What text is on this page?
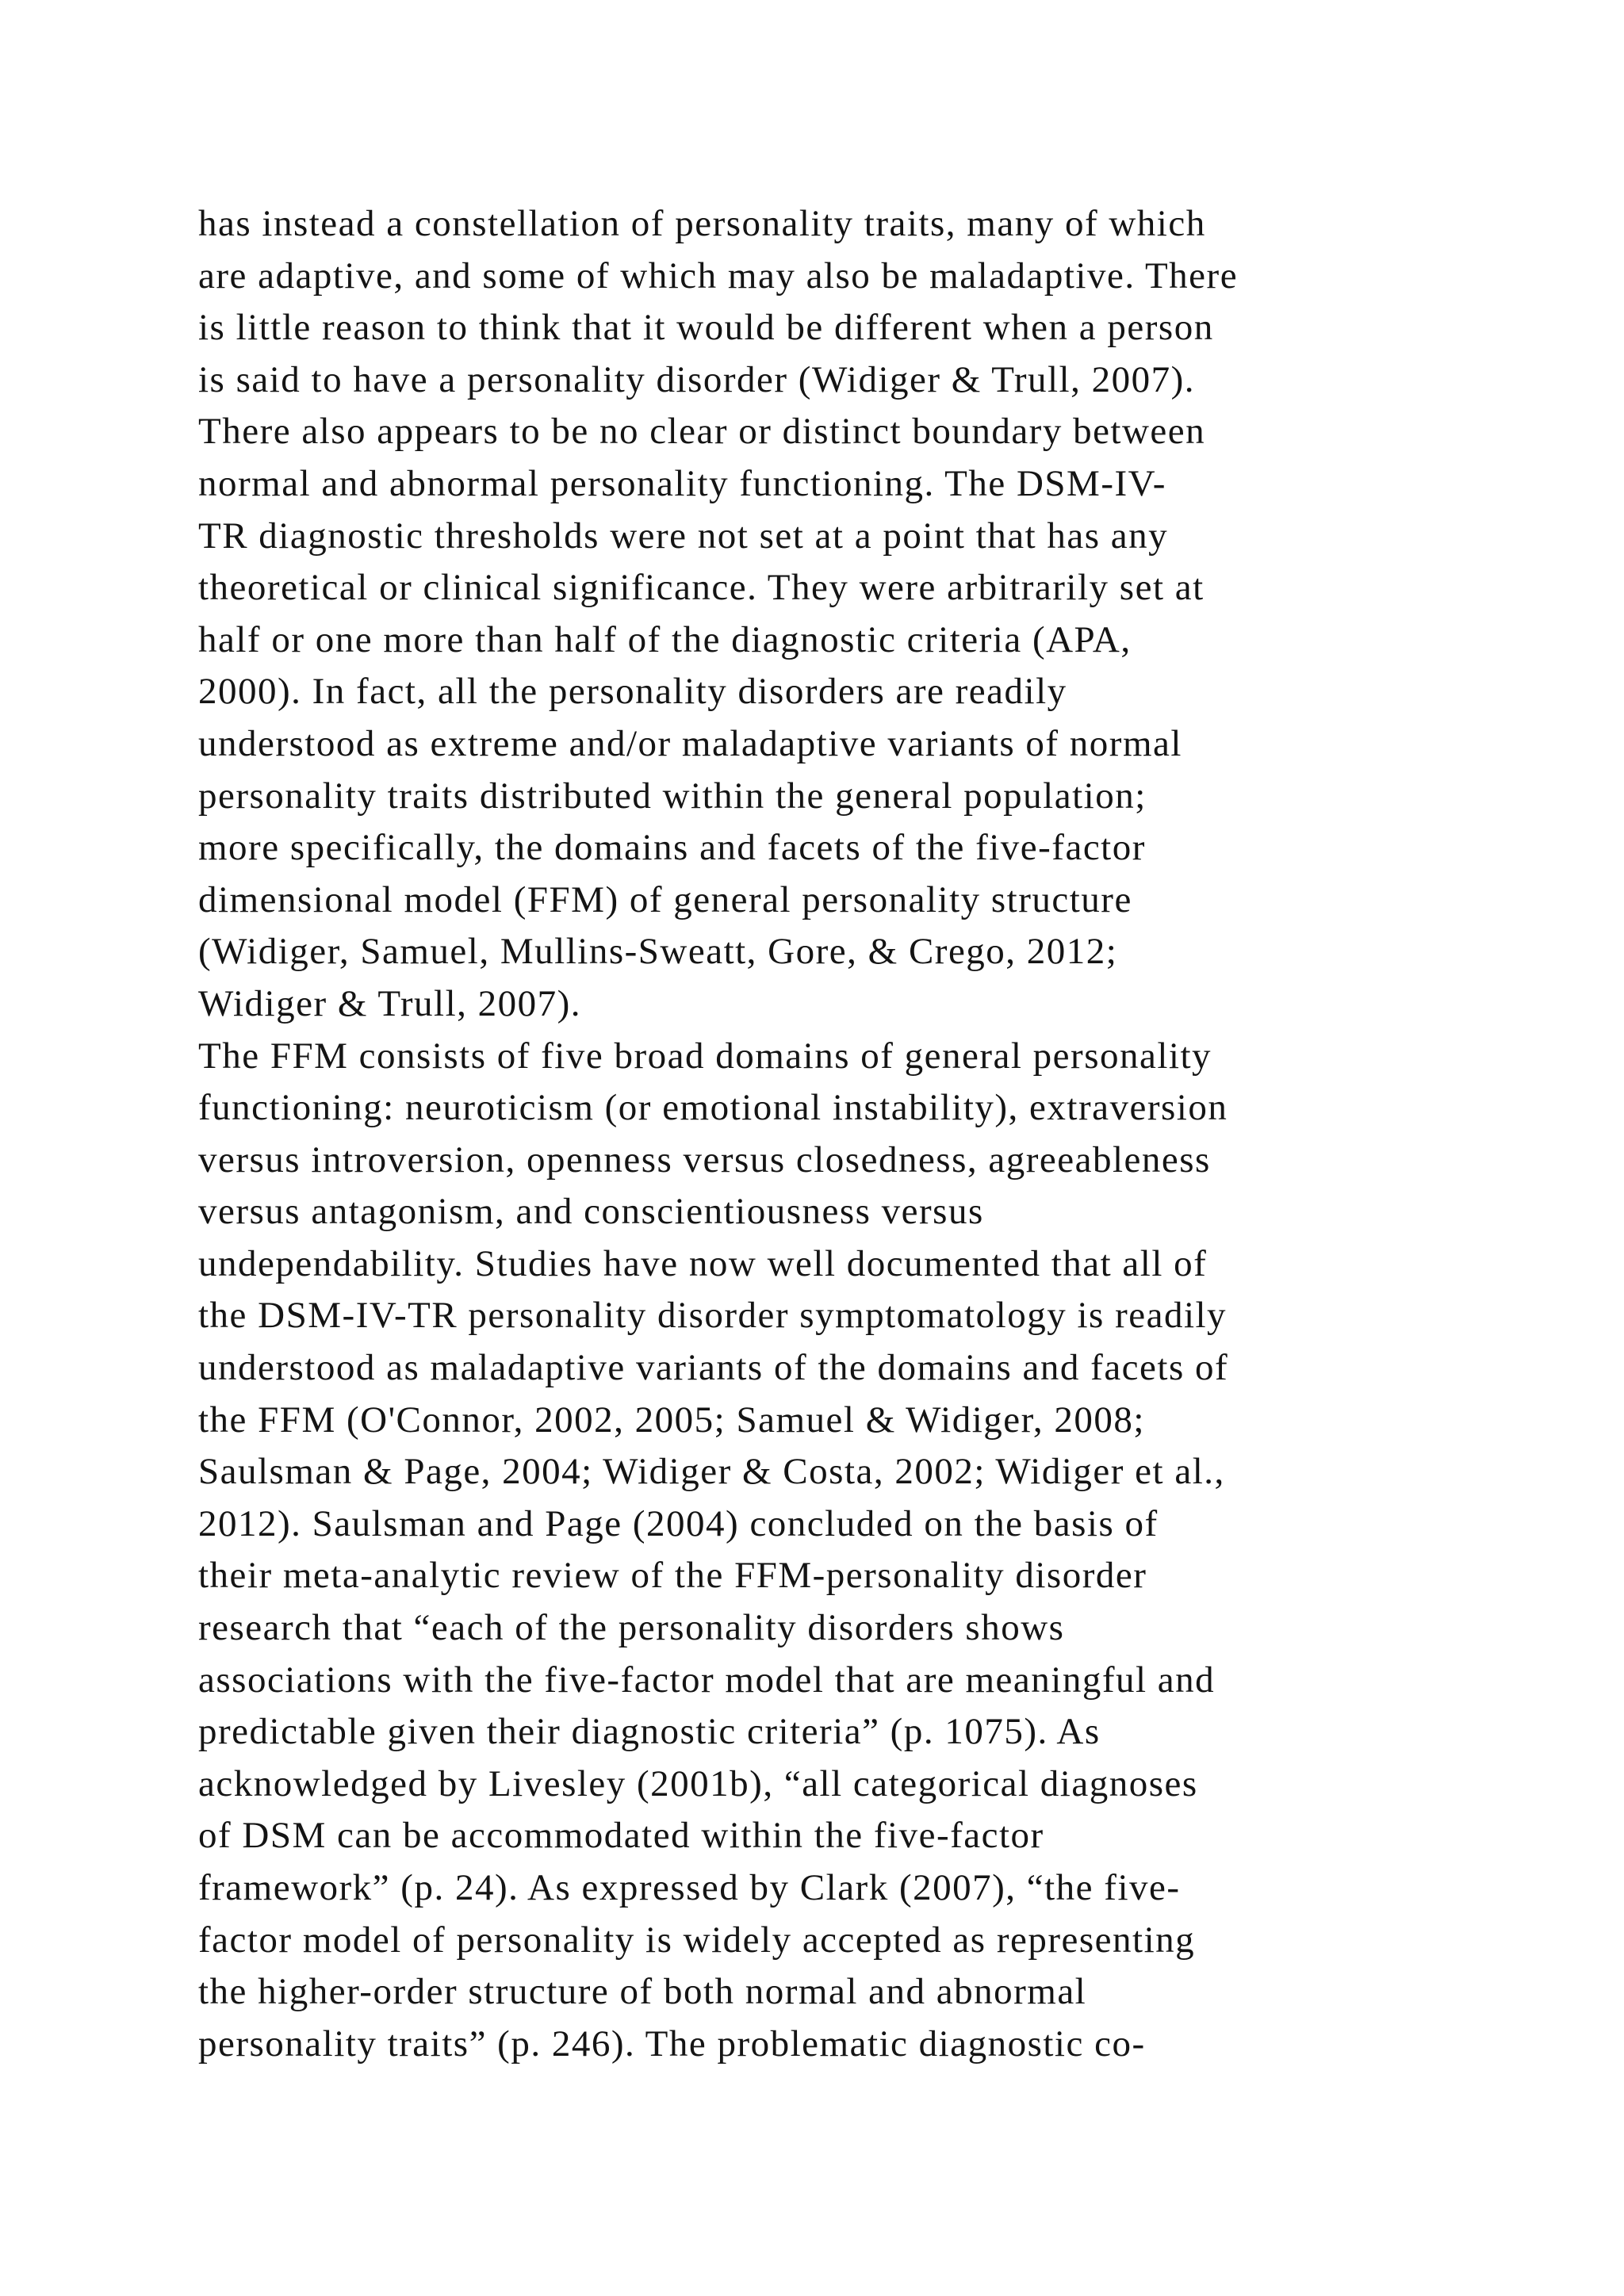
has instead a constellation of personality traits, many of which
are adaptive, and some of which may also be maladaptive. There
is little reason to think that it would be different when a person
is said to have a personality disorder (Widiger & Trull, 2007).
There also appears to be no clear or distinct boundary between
normal and abnormal personality functioning. The DSM-IV-
TR diagnostic thresholds were not set at a point that has any
theoretical or clinical significance. They were arbitrarily set at
half or one more than half of the diagnostic criteria (APA,
2000). In fact, all the personality disorders are readily
understood as extreme and/or maladaptive variants of normal
personality traits distributed within the general population;
more specifically, the domains and facets of the five-factor
dimensional model (FFM) of general personality structure
(Widiger, Samuel, Mullins-Sweatt, Gore, & Crego, 2012;
Widiger & Trull, 2007).
The FFM consists of five broad domains of general personality
functioning: neuroticism (or emotional instability), extraversion
versus introversion, openness versus closedness, agreeableness
versus antagonism, and conscientiousness versus
undependability. Studies have now well documented that all of
the DSM-IV-TR personality disorder symptomatology is readily
understood as maladaptive variants of the domains and facets of
the FFM (O'Connor, 2002, 2005; Samuel & Widiger, 2008;
Saulsman & Page, 2004; Widiger & Costa, 2002; Widiger et al.,
2012). Saulsman and Page (2004) concluded on the basis of
their meta-analytic review of the FFM-personality disorder
research that “each of the personality disorders shows
associations with the five-factor model that are meaningful and
predictable given their diagnostic criteria” (p. 1075). As
acknowledged by Livesley (2001b), “all categorical diagnoses
of DSM can be accommodated within the five-factor
framework” (p. 24). As expressed by Clark (2007), “the five-
factor model of personality is widely accepted as representing
the higher-order structure of both normal and abnormal
personality traits” (p. 246). The problematic diagnostic co-
